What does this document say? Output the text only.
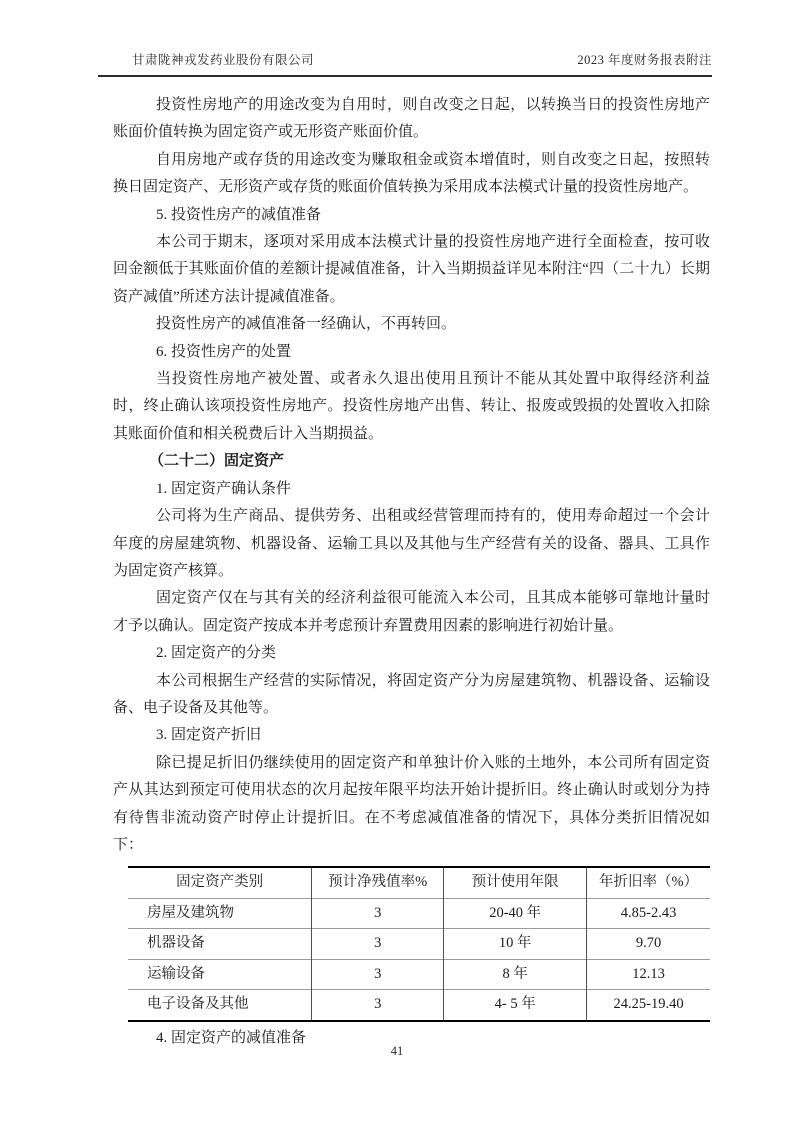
甘肃陇神戎发药业股份有限公司	2023 年度财务报表附注

投资性房地产的用途改变为自用时，则自改变之日起，以转换当日的投资性房地产账面价值转换为固定资产或无形资产账面价值。

自用房地产或存货的用途改变为赚取租金或资本增值时，则自改变之日起，按照转换日固定资产、无形资产或存货的账面价值转换为采用成本法模式计量的投资性房地产。

5. 投资性房产的减值准备

本公司于期末，逐项对采用成本法模式计量的投资性房地产进行全面检查，按可收回金额低于其账面价值的差额计提减值准备，计入当期损益详见本附注“四（二十九）长期资产减值”所述方法计提减值准备。

投资性房产的减值准备一经确认，不再转回。

6. 投资性房产的处置

当投资性房地产被处置、或者永久退出使用且预计不能从其处置中取得经济利益时，终止确认该项投资性房地产。投资性房地产出售、转让、报废或毁损的处置收入扣除其账面价值和相关税费后计入当期损益。

（二十二）固定资产

1. 固定资产确认条件

公司将为生产商品、提供劳务、出租或经营管理而持有的，使用寿命超过一个会计年度的房屋建筑物、机器设备、运输工具以及其他与生产经营有关的设备、器具、工具作为固定资产核算。

固定资产仅在与其有关的经济利益很可能流入本公司，且其成本能够可靠地计量时才予以确认。固定资产按成本并考虑预计弃置费用因素的影响进行初始计量。

2. 固定资产的分类

本公司根据生产经营的实际情况，将固定资产分为房屋建筑物、机器设备、运输设备、电子设备及其他等。

3. 固定资产折旧

除已提足折旧仍继续使用的固定资产和单独计价入账的土地外，本公司所有固定资产从其达到预定可使用状态的次月起按年限平均法开始计提折旧。终止确认时或划分为持有待售非流动资产时停止计提折旧。在不考虑减值准备的情况下，具体分类折旧情况如下：

固定资产类别	预计净残值率%	预计使用年限	年折旧率（%）
房屋及建筑物	3	20-40 年	4.85-2.43
机器设备	3	10 年	9.70
运输设备	3	8 年	12.13
电子设备及其他	3	4- 5 年	24.25-19.40

4. 固定资产的减值准备

41
